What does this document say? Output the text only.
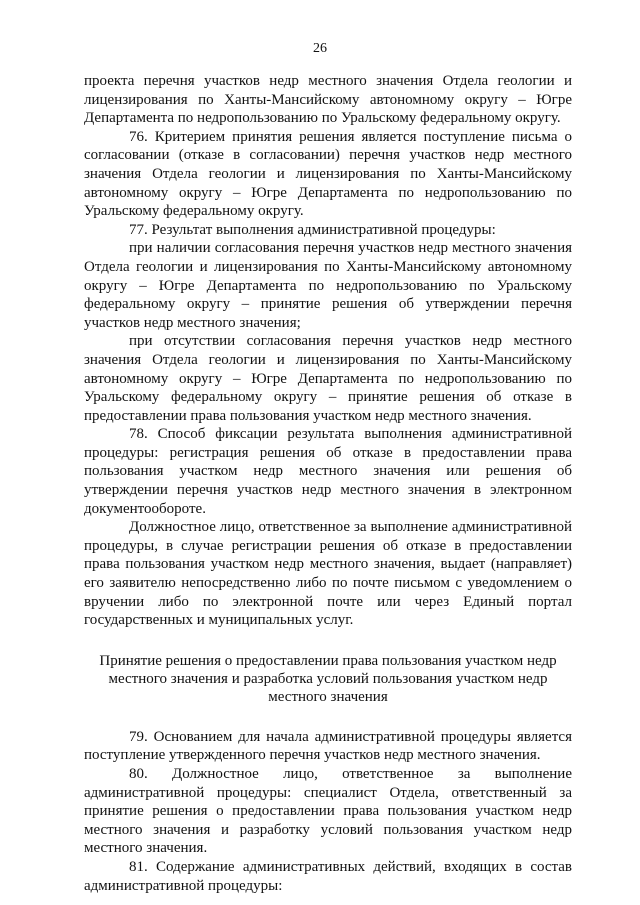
26

проекта перечня участков недр местного значения Отдела геологии и лицензирования по Ханты-Мансийскому автономному округу – Югре Департамента по недропользованию по Уральскому федеральному округу.

76. Критерием принятия решения является поступление письма о согласовании (отказе в согласовании) перечня участков недр местного значения Отдела геологии и лицензирования по Ханты-Мансийскому автономному округу – Югре Департамента по недропользованию по Уральскому федеральному округу.

77. Результат выполнения административной процедуры:

при наличии согласования перечня участков недр местного значения Отдела геологии и лицензирования по Ханты-Мансийскому автономному округу – Югре Департамента по недропользованию по Уральскому федеральному округу – принятие решения об утверждении перечня участков недр местного значения;

при отсутствии согласования перечня участков недр местного значения Отдела геологии и лицензирования по Ханты-Мансийскому автономному округу – Югре Департамента по недропользованию по Уральскому федеральному округу – принятие решения об отказе в предоставлении права пользования участком недр местного значения.

78. Способ фиксации результата выполнения административной процедуры: регистрация решения об отказе в предоставлении права пользования участком недр местного значения или решения об утверждении перечня участков недр местного значения в электронном документообороте.

Должностное лицо, ответственное за выполнение административной процедуры, в случае регистрации решения об отказе в предоставлении права пользования участком недр местного значения, выдает (направляет) его заявителю непосредственно либо по почте письмом с уведомлением о вручении либо по электронной почте или через Единый портал государственных и муниципальных услуг.

Принятие решения о предоставлении права пользования участком недр местного значения и разработка условий пользования участком недр местного значения

79. Основанием для начала административной процедуры является поступление утвержденного перечня участков недр местного значения.

80. Должностное лицо, ответственное за выполнение административной процедуры: специалист Отдела, ответственный за принятие решения о предоставлении права пользования участком недр местного значения и разработку условий пользования участком недр местного значения.

81. Содержание административных действий, входящих в состав административной процедуры:
